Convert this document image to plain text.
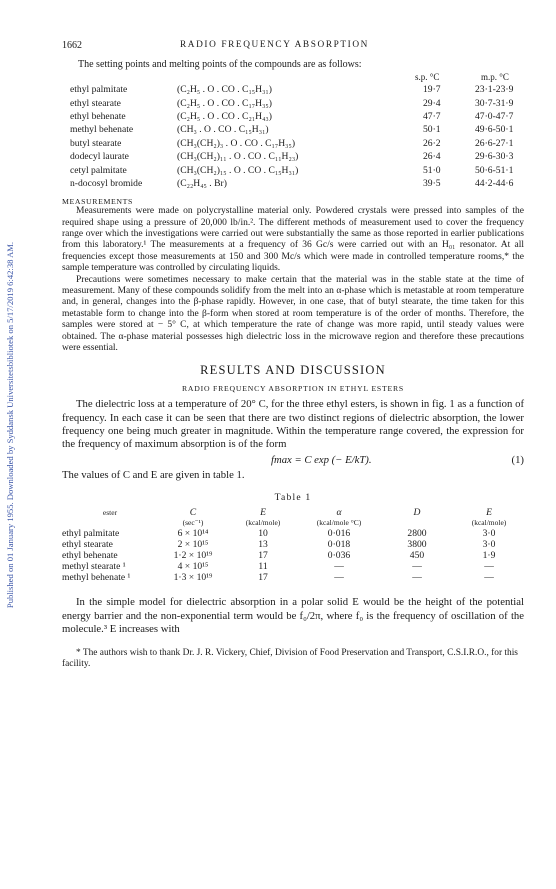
Published on 01 January 1955. Downloaded by Syddansk Universitetsbibliotek on 5/17/2019 6:42:38 AM.
1662	RADIO FREQUENCY ABSORPTION
The setting points and melting points of the compounds are as follows:
		s.p. °C	m.p. °C
ethyl palmitate	(C₂H₅ . O . CO . C₁₅H₃₁)	19·7	23·1-23·9
ethyl stearate	(C₂H₅ . O . CO . C₁₇H₃₅)	29·4	30·7-31·9
ethyl behenate	(C₂H₅ . O . CO . C₂₁H₄₃)	47·7	47·0-47·7
methyl behenate	(CH₃ . O . CO . C₁₅H₃₁)	50·1	49·6-50·1
butyl stearate	(CH₃(CH₂)₃ . O . CO . C₁₇H₃₅)	26·2	26·6-27·1
dodecyl laurate	(CH₃(CH₂)₁₁ . O . CO . C₁₁H₂₃)	26·4	29·6-30·3
cetyl palmitate	(CH₃(CH₂)₁₅ . O . CO . C₁₅H₃₁)	51·0	50·6-51·1
n-docosyl bromide	(C₂₂H₄₅ . Br)	39·5	44·2-44·6
MEASUREMENTS

Measurements were made on polycrystalline material only. Powdered crystals were pressed into samples of the required shape using a pressure of 20,000 lb/in.². The different methods of measurement used to cover the frequency range over which the investigations were carried out were substantially the same as those reported in earlier publications from this laboratory.¹ The measurements at a frequency of 36 Gc/s were carried out with an H₀₁ resonator. At all frequencies except those measurements at 150 and 300 Mc/s which were made in controlled temperature rooms,* the sample temperature was controlled by circulating liquids.

Precautions were sometimes necessary to make certain that the material was in the stable state at the time of measurement. Many of these compounds solidify from the melt into an α-phase which is metastable at room temperature and, in general, changes into the β-phase rapidly. However, in one case, that of butyl stearate, the time taken for this metastable form to change into the β-form when stored at room temperature is of the order of months. Therefore, the samples were stored at − 5° C, at which temperature the rate of change was more rapid, until steady values were obtained. The α-phase material possesses high dielectric loss in the microwave region and therefore these precautions were essential.

RESULTS AND DISCUSSION
RADIO FREQUENCY ABSORPTION IN ETHYL ESTERS

The dielectric loss at a temperature of 20° C, for the three ethyl esters, is shown in fig. 1 as a function of frequency. In each case it can be seen that there are two distinct regions of dielectric absorption, the lower frequency one being much greater in magnitude. Within the temperature range covered, the expression for the frequency of maximum absorption is of the form

fmax = C exp (− E/kT).	(1)
The values of C and E are given in table 1.
Table 1
ester	C	E	α	D	E
	(sec⁻¹)	(kcal/mole)	(kcal/mole °C)		(kcal/mole)
ethyl palmitate	6 × 10¹⁴	10	0·016	2800	3·0
ethyl stearate	2 × 10¹⁵	13	0·018	3800	3·0
ethyl behenate	1·2 × 10¹⁹	17	0·036	450	1·9
methyl stearate ¹	4 × 10¹⁵	11	—	—	—
methyl behenate ¹	1·3 × 10¹⁹	17	—	—	—

In the simple model for dielectric absorption in a polar solid E would be the height of the potential energy barrier and the non-exponential term would be f₀/2π, where f₀ is the frequency of oscillation of the molecule.³ E increases with

* The authors wish to thank Dr. J. R. Vickery, Chief, Division of Food Preservation and Transport, C.S.I.R.O., for this facility.
